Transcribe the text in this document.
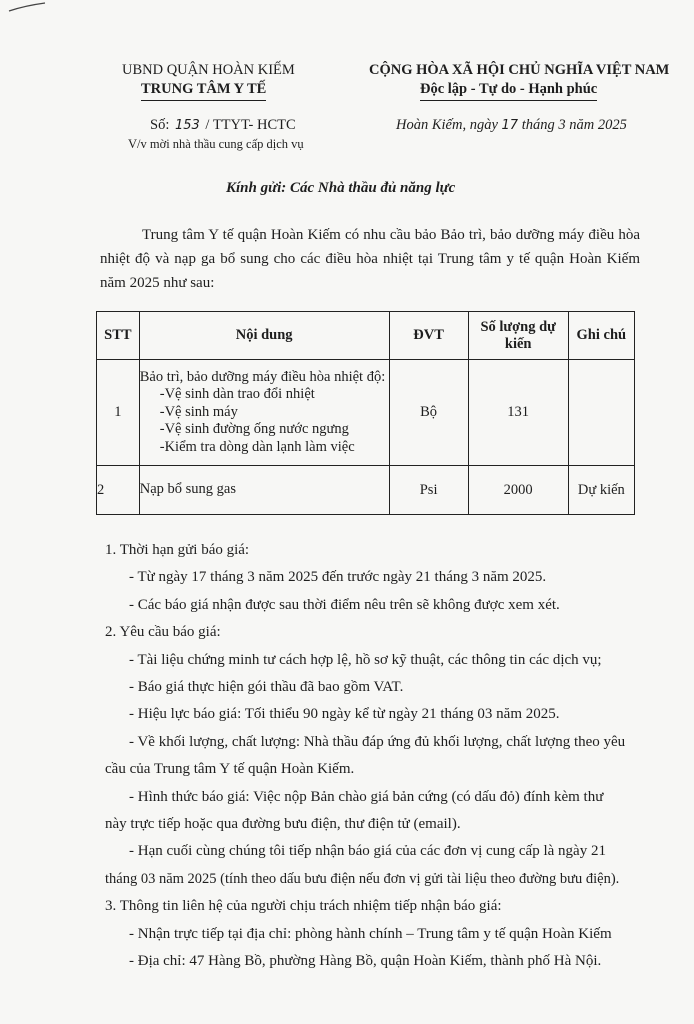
UBND QUẬN HOÀN KIẾM
TRUNG TÂM Y TẾ
CỘNG HÒA XÃ HỘI CHỦ NGHĨA VIỆT NAM
Độc lập - Tự do - Hạnh phúc
Số: 153 / TTYT- HCTC
V/v mời nhà thầu cung cấp dịch vụ
Hoàn Kiếm, ngày 17 tháng 3 năm 2025
Kính gửi: Các Nhà thầu đủ năng lực
Trung tâm Y tế quận Hoàn Kiếm có nhu cầu bảo Bảo trì, bảo dưỡng máy điều hòa nhiệt độ và nạp ga bổ sung cho các điều hòa nhiệt tại Trung tâm y tế quận Hoàn Kiếm năm 2025 như sau:
STT	Nội dung	ĐVT	Số lượng dự kiến	Ghi chú
1	Bảo trì, bảo dưỡng máy điều hòa nhiệt độ:
-Vệ sinh dàn trao đổi nhiệt
-Vệ sinh máy
-Vệ sinh đường ống nước ngưng
-Kiểm tra dòng dàn lạnh làm việc	Bộ	131	
2	Nạp bổ sung gas	Psi	2000	Dự kiến
1. Thời hạn gửi báo giá:
- Từ ngày 17 tháng 3 năm 2025 đến trước ngày 21 tháng 3 năm 2025.
- Các báo giá nhận được sau thời điểm nêu trên sẽ không được xem xét.
2. Yêu cầu báo giá:
- Tài liệu chứng minh tư cách hợp lệ, hồ sơ kỹ thuật, các thông tin các dịch vụ;
- Báo giá thực hiện gói thầu đã bao gồm VAT.
- Hiệu lực báo giá: Tối thiểu 90 ngày kể từ ngày 21 tháng 03 năm 2025.
- Về khối lượng, chất lượng: Nhà thầu đáp ứng đủ khối lượng, chất lượng theo yêu
cầu của Trung tâm Y tế quận Hoàn Kiếm.
- Hình thức báo giá: Việc nộp Bản chào giá bản cứng (có dấu đỏ) đính kèm thư
này trực tiếp hoặc qua đường bưu điện, thư điện tử (email).
- Hạn cuối cùng chúng tôi tiếp nhận báo giá của các đơn vị cung cấp là ngày 21
tháng 03 năm 2025 (tính theo dấu bưu điện nếu đơn vị gửi tài liệu theo đường bưu điện).
3. Thông tin liên hệ của người chịu trách nhiệm tiếp nhận báo giá:
- Nhận trực tiếp tại địa chỉ: phòng hành chính – Trung tâm y tế quận Hoàn Kiếm
- Địa chỉ: 47 Hàng Bồ, phường Hàng Bồ, quận Hoàn Kiếm, thành phố Hà Nội.
